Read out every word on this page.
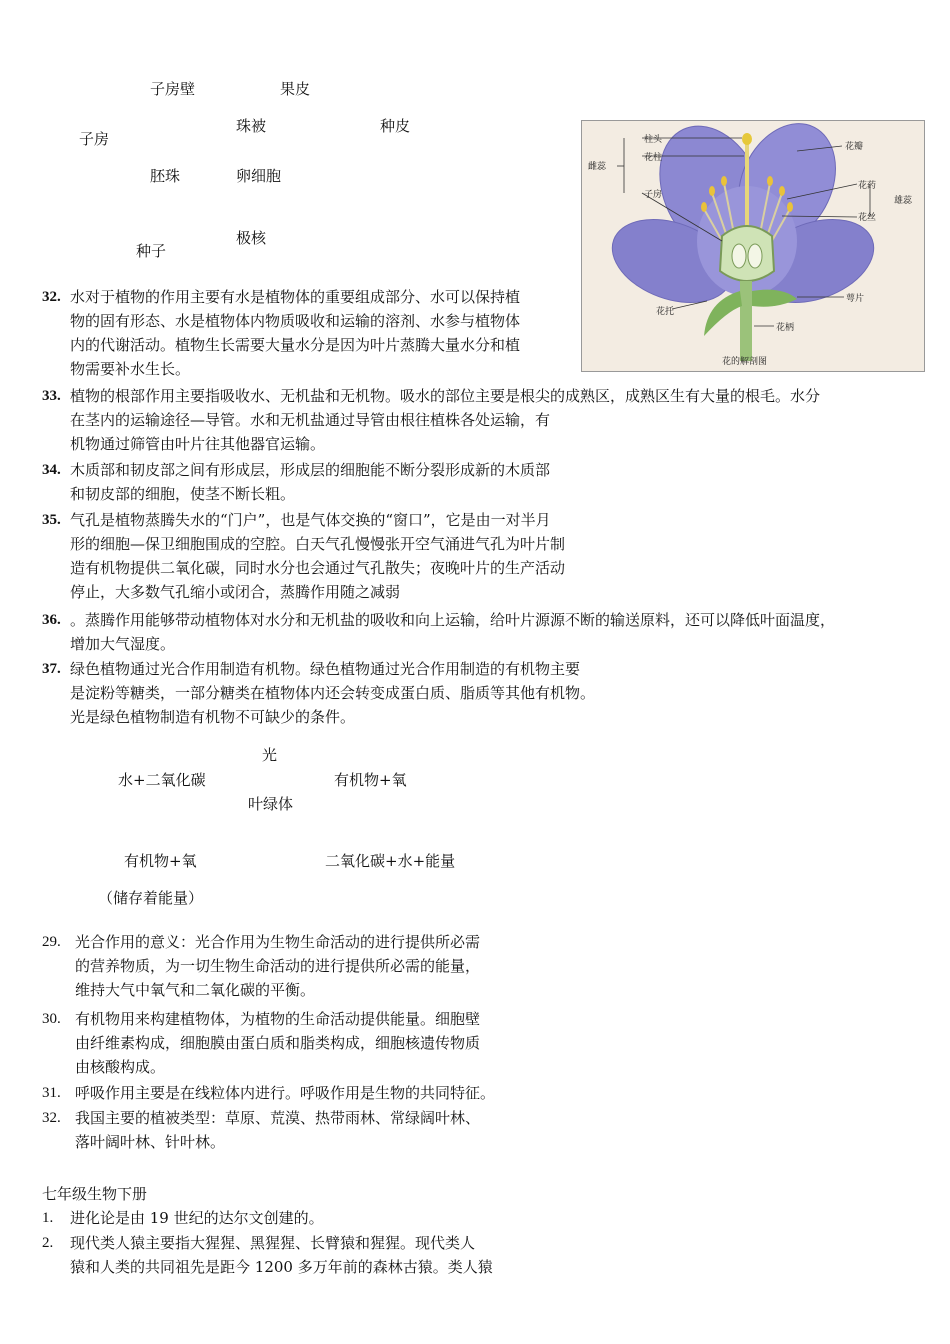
子房壁	果皮
珠被	种皮
子房
胚珠	卵细胞
极核
种子
柱头
花柱
子房
雌蕊
花瓣
花药
花丝
雄蕊
萼片
花托
花柄
花的解剖图
32. 水对于植物的作用主要有水是植物体的重要组成部分、水可以保持植
物的固有形态、水是植物体内物质吸收和运输的溶剂、水参与植物体
内的代谢活动。植物生长需要大量水分是因为叶片蒸腾大量水分和植
物需要补水生长。
33. 植物的根部作用主要指吸收水、无机盐和无机物。吸水的部位主要是根尖的成熟区，成熟区生有大量的根毛。水分
在茎内的运输途径—导管。水和无机盐通过导管由根往植株各处运输，有
机物通过筛管由叶片往其他器官运输。
34. 木质部和韧皮部之间有形成层，形成层的细胞能不断分裂形成新的木质部
和韧皮部的细胞，使茎不断长粗。
35. 气孔是植物蒸腾失水的“门户”，也是气体交换的“窗口”，它是由一对半月
形的细胞—保卫细胞围成的空腔。白天气孔慢慢张开空气涌进气孔为叶片制
造有机物提供二氧化碳，同时水分也会通过气孔散失；夜晚叶片的生产活动
停止，大多数气孔缩小或闭合，蒸腾作用随之减弱
36. 。蒸腾作用能够带动植物体对水分和无机盐的吸收和向上运输，给叶片源源不断的输送原料，还可以降低叶面温度，
增加大气湿度。
37. 绿色植物通过光合作用制造有机物。绿色植物通过光合作用制造的有机物主要
是淀粉等糖类，一部分糖类在植物体内还会转变成蛋白质、脂质等其他有机物。
光是绿色植物制造有机物不可缺少的条件。
光
水+二氧化碳	有机物+氧
叶绿体
有机物+氧	二氧化碳+水+能量
（储存着能量）
29. 光合作用的意义：光合作用为生物生命活动的进行提供所必需
的营养物质，为一切生物生命活动的进行提供所必需的能量，
维持大气中氧气和二氧化碳的平衡。
30. 有机物用来构建植物体，为植物的生命活动提供能量。细胞壁
由纤维素构成，细胞膜由蛋白质和脂类构成，细胞核遗传物质
由核酸构成。
31. 呼吸作用主要是在线粒体内进行。呼吸作用是生物的共同特征。
32. 我国主要的植被类型：草原、荒漠、热带雨林、常绿阔叶林、
落叶阔叶林、针叶林。
七年级生物下册
1. 进化论是由 19 世纪的达尔文创建的。
2. 现代类人猿主要指大猩猩、黑猩猩、长臂猿和猩猩。现代类人
猿和人类的共同祖先是距今 1200 多万年前的森林古猿。类人猿
